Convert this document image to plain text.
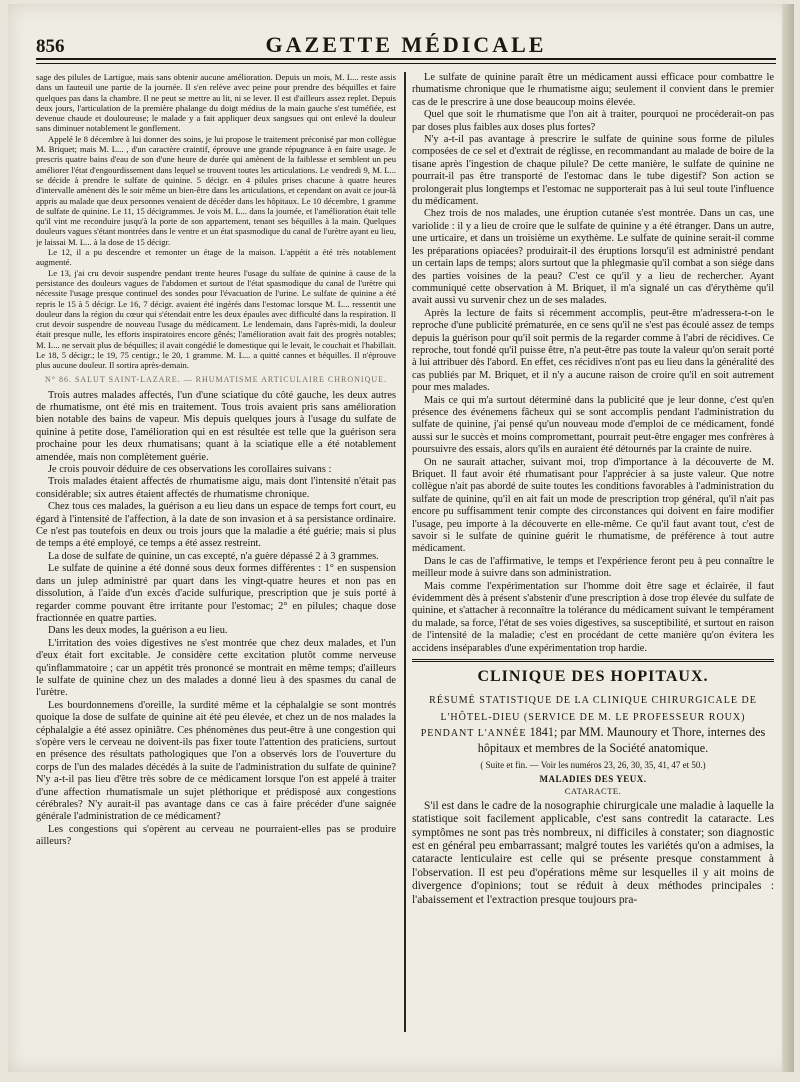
856	GAZETTE MÉDICALE

sage des pilules de Lartigue, mais sans obtenir aucune amélioration. Depuis un mois, M. L... reste assis dans un fauteuil une partie de la journée. Il s'en relève avec peine pour prendre des béquilles et faire quelques pas dans la chambre. Il ne peut se mettre au lit, ni se lever. Il est d'ailleurs assez replet. Depuis deux jours, l'articulation de la première phalange du doigt médius de la main gauche s'est tuméfiée, est devenue chaude et douloureuse; le malade y a fait appliquer deux sangsues qui ont enlevé la douleur sans diminuer notablement le gonflement.

Appelé le 8 décembre à lui donner des soins, je lui propose le traitement préconisé par mon collègue M. Briquet; mais M. L... , d'un caractère craintif, éprouve une grande répugnance à en faire usage. Je prescris quatre bains d'eau de son d'une heure de durée qui amènent de la faiblesse et semblent un peu améliorer l'état d'engourdissement dans lequel se trouvent toutes les articulations. Le vendredi 9, M. L... se décide à prendre le sulfate de quinine. 5 décigr. en 4 pilules prises chacune à quatre heures d'intervalle amènent dès le soir même un bien-être dans les articulations, et cependant on avait ce jour-là appris au malade que deux personnes venaient de décéder dans les hôpitaux. Le 10 décembre, 1 gramme de sulfate de quinine. Le 11, 15 décigrammes. Je vois M. L... dans la journée, et l'amélioration était telle qu'il vint me reconduire jusqu'à la porte de son appartement, tenant ses béquilles à la main. Quelques douleurs vagues s'étant montrées dans le ventre et un état spasmodique du canal de l'urètre ayant eu lieu, je laissai M. L... à la dose de 15 décigr.

Le 12, il a pu descendre et remonter un étage de la maison. L'appétit a été très notablement augmenté.

Le 13, j'ai cru devoir suspendre pendant trente heures l'usage du sulfate de quinine à cause de la persistance des douleurs vagues de l'abdomen et surtout de l'état spasmodique du canal de l'urètre qui nécessite l'usage presque continuel des sondes pour l'évacuation de l'urine. Le sulfate de quinine a été repris le 15 à 5 décigr. Le 16, 7 décigr. avaient été ingérés dans l'estomac lorsque M. L... ressentit une douleur dans la région du cœur qui s'étendait entre les deux épaules avec difficulté dans la respiration. Il crut devoir suspendre de nouveau l'usage du médicament. Le lendemain, dans l'après-midi, la douleur était presque nulle, les efforts inspiratoires encore gênés; l'amélioration avait fait des progrès notables; M. L... ne servait plus de béquilles; il avait congédié le domestique qui le levait, le couchait et l'habillait. Le 18, 5 décigr.; le 19, 75 centigr.; le 20, 1 gramme. M. L... a quitté cannes et béquilles. Il n'éprouve plus aucune douleur. Il sortira après-demain.

N° 86. SALUT SAINT-LAZARE. — RHUMATISME ARTICULAIRE CHRONIQUE.

Trois autres malades affectés, l'un d'une sciatique du côté gauche, les deux autres de rhumatisme, ont été mis en traitement. Tous trois avaient pris sans amélioration bien notable des bains de vapeur. Mis depuis quelques jours à l'usage du sulfate de quinine à petite dose, l'amélioration qui en est résultée est telle que la guérison sera prochaine pour les deux rhumatisans; quant à la sciatique elle a été notablement amendée, mais non complètement guérie.

Je crois pouvoir déduire de ces observations les corollaires suivans :

Trois malades étaient affectés de rhumatisme aigu, mais dont l'intensité n'était pas considérable; six autres étaient affectés de rhumatisme chronique.

Chez tous ces malades, la guérison a eu lieu dans un espace de temps fort court, eu égard à l'intensité de l'affection, à la date de son invasion et à sa persistance ordinaire. Ce n'est pas toutefois en deux ou trois jours que la maladie a été guérie; mais si plus de temps a été employé, ce temps a été assez restreint.

La dose de sulfate de quinine, un cas excepté, n'a guère dépassé 2 à 3 grammes.

Le sulfate de quinine a été donné sous deux formes différentes : 1° en suspension dans un julep administré par quart dans les vingt-quatre heures et non pas en dissolution, à l'aide d'un excès d'acide sulfurique, prescription que je suis porté à regarder comme pouvant être irritante pour l'estomac; 2° en pilules; chaque dose fractionnée en quatre parties.

Dans les deux modes, la guérison a eu lieu.

L'irritation des voies digestives ne s'est montrée que chez deux malades, et l'un d'eux était fort excitable. Je considère cette excitation plutôt comme nerveuse qu'inflammatoire ; car un appétit très prononcé se montrait en même temps; d'ailleurs le sulfate de quinine chez un des malades a donné lieu à des spasmes du canal de l'urètre.

Les bourdonnemens d'oreille, la surdité même et la céphalalgie se sont montrés quoique la dose de sulfate de quinine ait été peu élevée, et chez un de nos malades la céphalalgie a été assez opiniâtre. Ces phénomènes dus peut-être à une congestion qui s'opère vers le cerveau ne doivent-ils pas fixer toute l'attention des praticiens, surtout en présence des résultats pathologiques que l'on a observés lors de l'ouverture du corps de l'un des malades décédés à la suite de l'administration du sulfate de quinine? N'y a-t-il pas lieu d'être très sobre de ce médicament lorsque l'on est appelé à traiter d'une affection rhumatismale un sujet pléthorique et prédisposé aux congestions cérébrales? N'y aurait-il pas avantage dans ce cas à faire précéder d'une saignée générale l'administration de ce médicament?

Les congestions qui s'opèrent au cerveau ne pourraient-elles pas se produire ailleurs?

Le sulfate de quinine paraît être un médicament aussi efficace pour combattre le rhumatisme chronique que le rhumatisme aigu; seulement il convient dans le premier cas de le prescrire à une dose beaucoup moins élevée.

Quel que soit le rhumatisme que l'on ait à traiter, pourquoi ne procéderait-on pas par doses plus faibles aux doses plus fortes?

N'y a-t-il pas avantage à prescrire le sulfate de quinine sous forme de pilules composées de ce sel et d'extrait de réglisse, en recommandant au malade de boire de la tisane après l'ingestion de chaque pilule? De cette manière, le sulfate de quinine ne pourrait-il pas être transporté de l'estomac dans le tube digestif? Son action se prolongerait plus longtemps et l'estomac ne supporterait pas à lui seul toute l'influence du médicament.

Chez trois de nos malades, une éruption cutanée s'est montrée. Dans un cas, une variolide : il y a lieu de croire que le sulfate de quinine y a été étranger. Dans un autre, une urticaire, et dans un troisième un exythème. Le sulfate de quinine serait-il comme les préparations opiacées? produirait-il des éruptions lorsqu'il est administré pendant un certain laps de temps; alors surtout que la phlegmasie qu'il combat a son siége dans des parties voisines de la peau? C'est ce qu'il y a lieu de rechercher. Ayant communiqué cette observation à M. Briquet, il m'a signalé un cas d'érythème qu'il avait aussi vu survenir chez un de ses malades.

Après la lecture de faits si récemment accomplis, peut-être m'adressera-t-on le reproche d'une publicité prématurée, en ce sens qu'il ne s'est pas écoulé assez de temps depuis la guérison pour qu'il soit permis de la regarder comme à l'abri de récidives. Ce reproche, tout fondé qu'il puisse être, n'a peut-être pas toute la valeur qu'on serait porté à lui attribuer dès l'abord. En effet, ces récidives n'ont pas eu lieu dans la généralité des cas publiés par M. Briquet, et il n'y a aucune raison de croire qu'il en soit autrement pour mes malades.

Mais ce qui m'a surtout déterminé dans la publicité que je leur donne, c'est qu'en présence des événemens fâcheux qui se sont accomplis pendant l'administration du sulfate de quinine, j'ai pensé qu'un nouveau mode d'emploi de ce médicament, fondé aussi sur le succès et moins compromettant, pourrait peut-être engager mes confrères à poursuivre des essais, alors qu'ils en auraient été détournés par la crainte de nuire.

On ne saurait attacher, suivant moi, trop d'importance à la découverte de M. Briquet. Il faut avoir été rhumatisant pour l'apprécier à sa juste valeur. Que notre collègue n'ait pas abordé de suite toutes les conditions favorables à l'administration du sulfate de quinine, qu'il en ait fait un mode de prescription trop général, qu'il n'ait pas encore pu suffisamment tenir compte des circonstances qui doivent en faire modifier l'usage, peu importe à la découverte en elle-même. Ce qu'il faut avant tout, c'est de savoir si le sulfate de quinine guérit le rhumatisme, de préférence à tout autre médicament.

Dans le cas de l'affirmative, le temps et l'expérience feront peu à peu connaître le meilleur mode à suivre dans son administration.

Mais comme l'expérimentation sur l'homme doit être sage et éclairée, il faut évidemment dès à présent s'abstenir d'une prescription à dose trop élevée du sulfate de quinine, et s'attacher à reconnaître la tolérance du médicament suivant le tempérament du malade, sa force, l'état de ses voies digestives, sa susceptibilité, et surtout en raison de l'intensité de la maladie; c'est en procédant de cette manière qu'on évitera les accidens inséparables d'une expérimentation trop hardie.

CLINIQUE DES HOPITAUX.
RÉSUMÉ STATISTIQUE DE LA CLINIQUE CHIRURGICALE DE L'HÔTEL-DIEU (SERVICE DE M. LE PROFESSEUR ROUX) PENDANT L'ANNÉE 1841; par MM. Maunoury et Thore, internes des hôpitaux et membres de la Société anatomique.
( Suite et fin. — Voir les numéros 23, 26, 30, 35, 41, 47 et 50.)
MALADIES DES YEUX.
CATARACTE.

S'il est dans le cadre de la nosographie chirurgicale une maladie à laquelle la statistique soit facilement applicable, c'est sans contredit la cataracte. Les symptômes ne sont pas très nombreux, ni difficiles à constater; son diagnostic est en général peu embarrassant; malgré toutes les variétés qu'on a admises, la cataracte lenticulaire est celle qui se présente presque constamment à l'observation. Il est peu d'opérations même sur lesquelles il y ait moins de divergence d'opinions; tout se réduit à deux méthodes principales : l'abaissement et l'extraction presque toujours pra-
